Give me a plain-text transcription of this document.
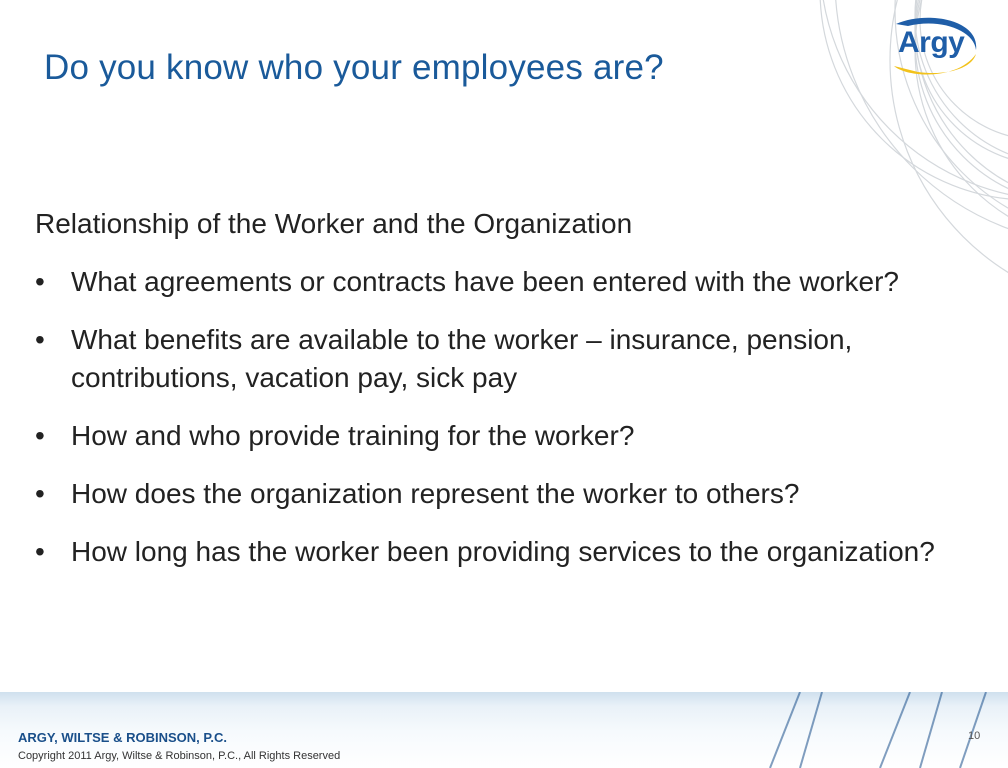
Argy
Do you know who your employees are?

Relationship of the Worker and the Organization

• What agreements or contracts have been entered with the worker?
• What benefits are available to the worker – insurance, pension, contributions, vacation pay, sick pay
• How and who provide training for the worker?
• How does the organization represent the worker to others?
• How long has the worker been providing services to the organization?

ARGY, WILTSE & ROBINSON, P.C.

Copyright 2011 Argy, Wiltse & Robinson, P.C., All Rights Reserved

10
